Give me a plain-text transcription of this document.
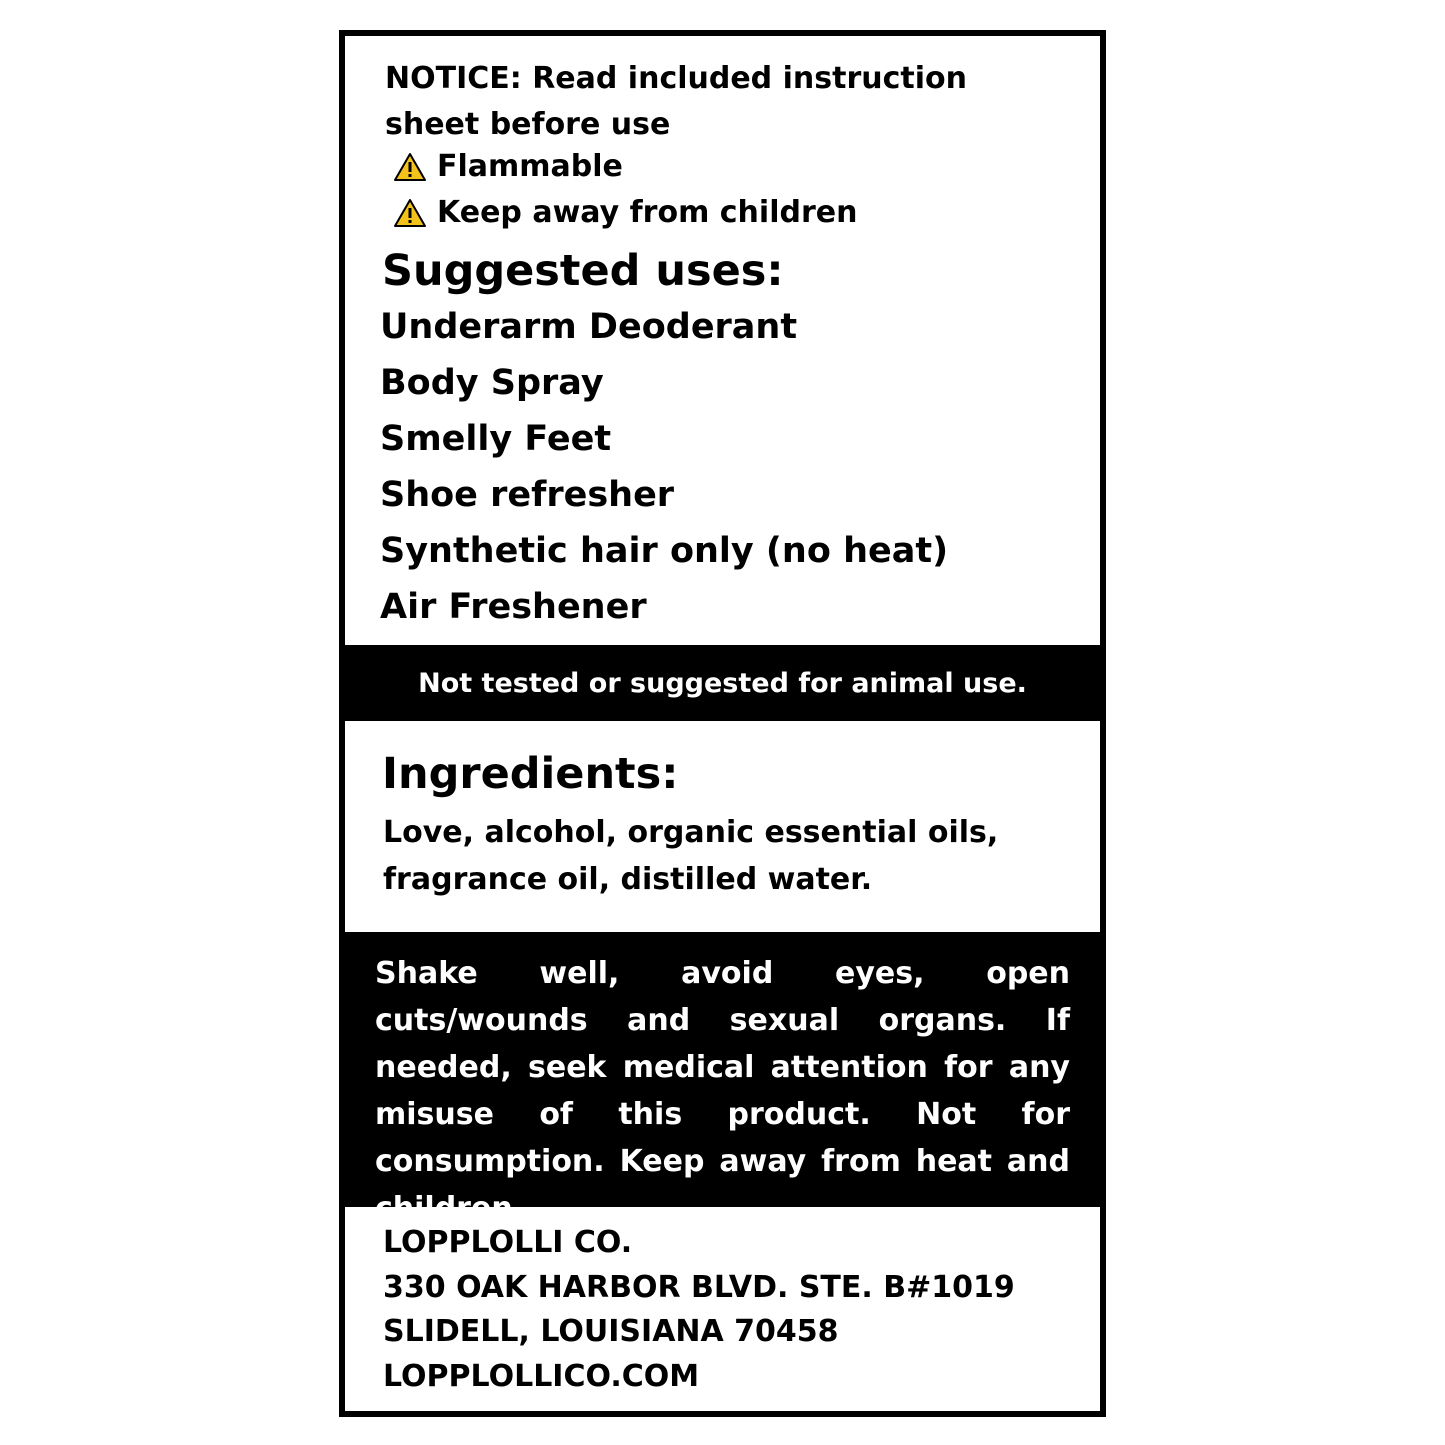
NOTICE: Read included instruction sheet before use
Flammable
Keep away from children
Suggested uses:
Underarm Deoderant
Body Spray
Smelly Feet
Shoe refresher
Synthetic hair only (no heat)
Air Freshener
Not tested or suggested for animal use.
Ingredients:
Love, alcohol, organic essential oils, fragrance oil, distilled water.
Shake well, avoid eyes, open cuts/wounds and sexual organs. If needed, seek medical attention for any misuse of this product. Not for consumption. Keep away from heat and children.
LOPPLOLLI CO.
330 OAK HARBOR BLVD. STE. B#1019
SLIDELL, LOUISIANA 70458
LOPPLOLLICO.COM
